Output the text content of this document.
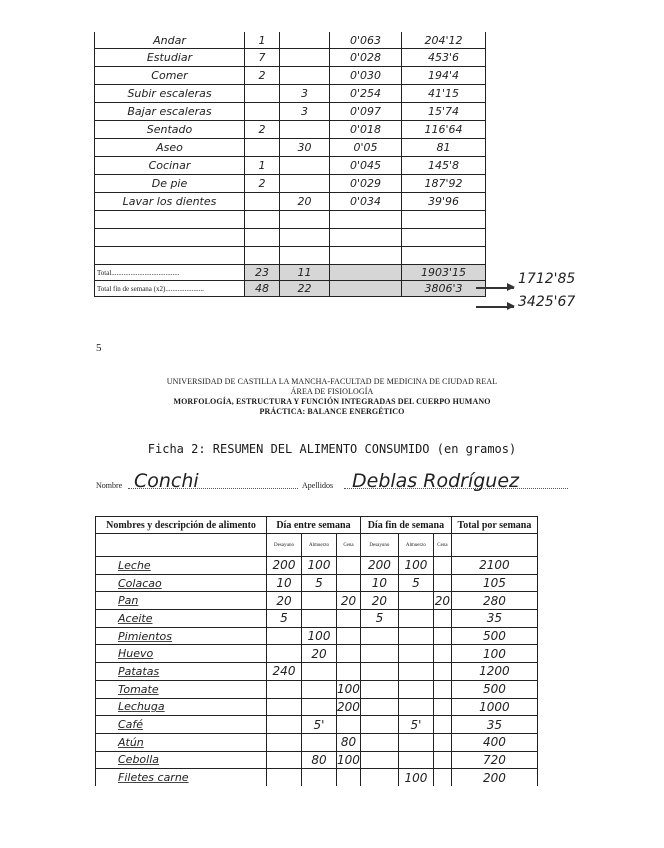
Andar	1		0'063	204'12
Estudiar	7		0'028	453'6
Comer	2		0'030	194'4
Subir escaleras		3	0'254	41'15
Bajar escaleras		3	0'097	15'74
Sentado	2		0'018	116'64
Aseo		30	0'05	81
Cocinar	1		0'045	145'8
De pie	2		0'029	187'92
Lavar los dientes		20	0'034	39'96

Total.......................................	23	11		1903'15
Total fin de semana (x2)......................	48	22		3806'3
1712'85
3425'67
5
UNIVERSIDAD DE CASTILLA LA MANCHA-FACULTAD DE MEDICINA DE CIUDAD REAL
ÁREA DE FISIOLOGÍA
MORFOLOGÍA, ESTRUCTURA Y FUNCIÓN INTEGRADAS DEL CUERPO HUMANO
PRÁCTICA: BALANCE ENERGÉTICO
Ficha 2: RESUMEN DEL ALIMENTO CONSUMIDO (en gramos)
Nombre Conchi	Apellidos Deblas Rodríguez
Nombres y descripción de alimento	Día entre semana			Día fin de semana			Total por semana
	Desayuno	Almuerzo	Cena	Desayuno	Almuerzo	Cena	
Leche	200	100		200	100		2100
Colacao	10	5		10	5		105
Pan	20		20	20		20	280
Aceite	5			5			35
Pimientos		100					500
Huevo		20					100
Patatas	240						1200
Tomate			100				500
Lechuga			200				1000
Café		5'			5'		35
Atún			80				400
Cebolla		80	100				720
Filetes carne					100		200
